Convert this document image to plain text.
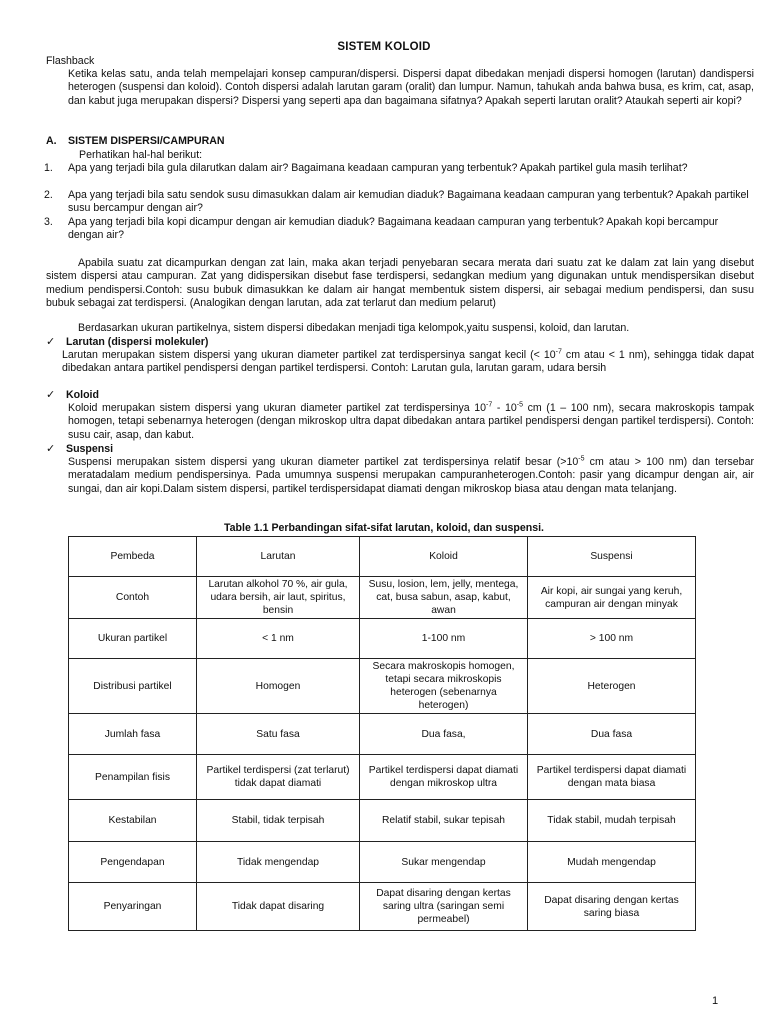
SISTEM KOLOID
Flashback
Ketika kelas satu, anda telah mempelajari konsep campuran/dispersi. Dispersi dapat dibedakan menjadi dispersi homogen (larutan) dandispersi heterogen (suspensi dan koloid). Contoh dispersi adalah larutan garam (oralit) dan lumpur. Namun, tahukah anda bahwa busa, es krim, cat, asap, dan kabut juga merupakan dispersi? Dispersi yang seperti apa dan bagaimana sifatnya? Apakah seperti larutan oralit? Ataukah seperti air kopi?
A. SISTEM DISPERSI/CAMPURAN
Perhatikan hal-hal berikut:
1. Apa yang terjadi bila gula dilarutkan dalam air? Bagaimana keadaan campuran yang terbentuk? Apakah partikel gula masih terlihat?
2. Apa yang terjadi bila satu sendok susu dimasukkan dalam air kemudian diaduk? Bagaimana keadaan campuran yang terbentuk? Apakah partikel susu bercampur dengan air?
3. Apa yang terjadi bila kopi dicampur dengan air kemudian diaduk? Bagaimana keadaan campuran yang terbentuk? Apakah kopi bercampur dengan air?
Apabila suatu zat dicampurkan dengan zat lain, maka akan terjadi penyebaran secara merata dari suatu zat ke dalam zat lain yang disebut sistem dispersi atau campuran. Zat yang didispersikan disebut fase terdispersi, sedangkan medium yang digunakan untuk mendispersikan disebut medium pendispersi.Contoh: susu bubuk dimasukkan ke dalam air hangat membentuk sistem dispersi, air sebagai medium pendispersi, dan susu bubuk sebagai zat terdispersi. (Analogikan dengan larutan, ada zat terlarut dan medium pelarut)
Berdasarkan ukuran partikelnya, sistem dispersi dibedakan menjadi tiga kelompok,yaitu suspensi, koloid, dan larutan.
✓ Larutan (dispersi molekuler)
Larutan merupakan sistem dispersi yang ukuran diameter partikel zat terdispersinya sangat kecil (< $10^{-7}$ cm atau < 1 nm), sehingga tidak dapat dibedakan antara partikel pendispersi dengan partikel terdispersi. Contoh: Larutan gula, larutan garam, udara bersih
✓ Koloid
Koloid merupakan sistem dispersi yang ukuran diameter partikel zat terdispersinya $10^{-7} - 10^{-5}$ cm (1 – 100 nm), secara makroskopis tampak homogen, tetapi sebenarnya heterogen (dengan mikroskop ultra dapat dibedakan antara partikel pendispersi dengan partikel terdispersi). Contoh: susu cair, asap, dan kabut.
✓ Suspensi
Suspensi merupakan sistem dispersi yang ukuran diameter partikel zat terdispersinya relatif besar ($>10^{-5}$ cm atau > 100 nm) dan tersebar meratadalam medium pendispersinya. Pada umumnya suspensi merupakan campuranheterogen.Contoh: pasir yang dicampur dengan air, air sungai, dan air kopi.Dalam sistem dispersi, partikel terdispersidapat diamati dengan mikroskop biasa atau dengan mata telanjang.
Table 1.1 Perbandingan sifat-sifat larutan, koloid, dan suspensi.
Pembeda	Larutan	Koloid	Suspensi
Contoh	Larutan alkohol 70 %, air gula, udara bersih, air laut, spiritus, bensin	Susu, losion, lem, jelly, mentega, cat, busa sabun, asap, kabut, awan	Air kopi, air sungai yang keruh, campuran air dengan minyak
Ukuran partikel	< 1 nm	1-100 nm	> 100 nm
Distribusi partikel	Homogen	Secara makroskopis homogen, tetapi secara mikroskopis heterogen (sebenarnya heterogen)	Heterogen
Jumlah fasa	Satu fasa	Dua fasa,	Dua fasa
Penampilan fisis	Partikel terdispersi (zat terlarut) tidak dapat diamati	Partikel terdispersi dapat diamati dengan mikroskop ultra	Partikel terdispersi dapat diamati dengan mata biasa
Kestabilan	Stabil, tidak terpisah	Relatif stabil, sukar tepisah	Tidak stabil, mudah terpisah
Pengendapan	Tidak mengendap	Sukar mengendap	Mudah mengendap
Penyaringan	Tidak dapat disaring	Dapat disaring dengan kertas saring ultra (saringan semi permeabel)	Dapat disaring dengan kertas saring biasa
1
